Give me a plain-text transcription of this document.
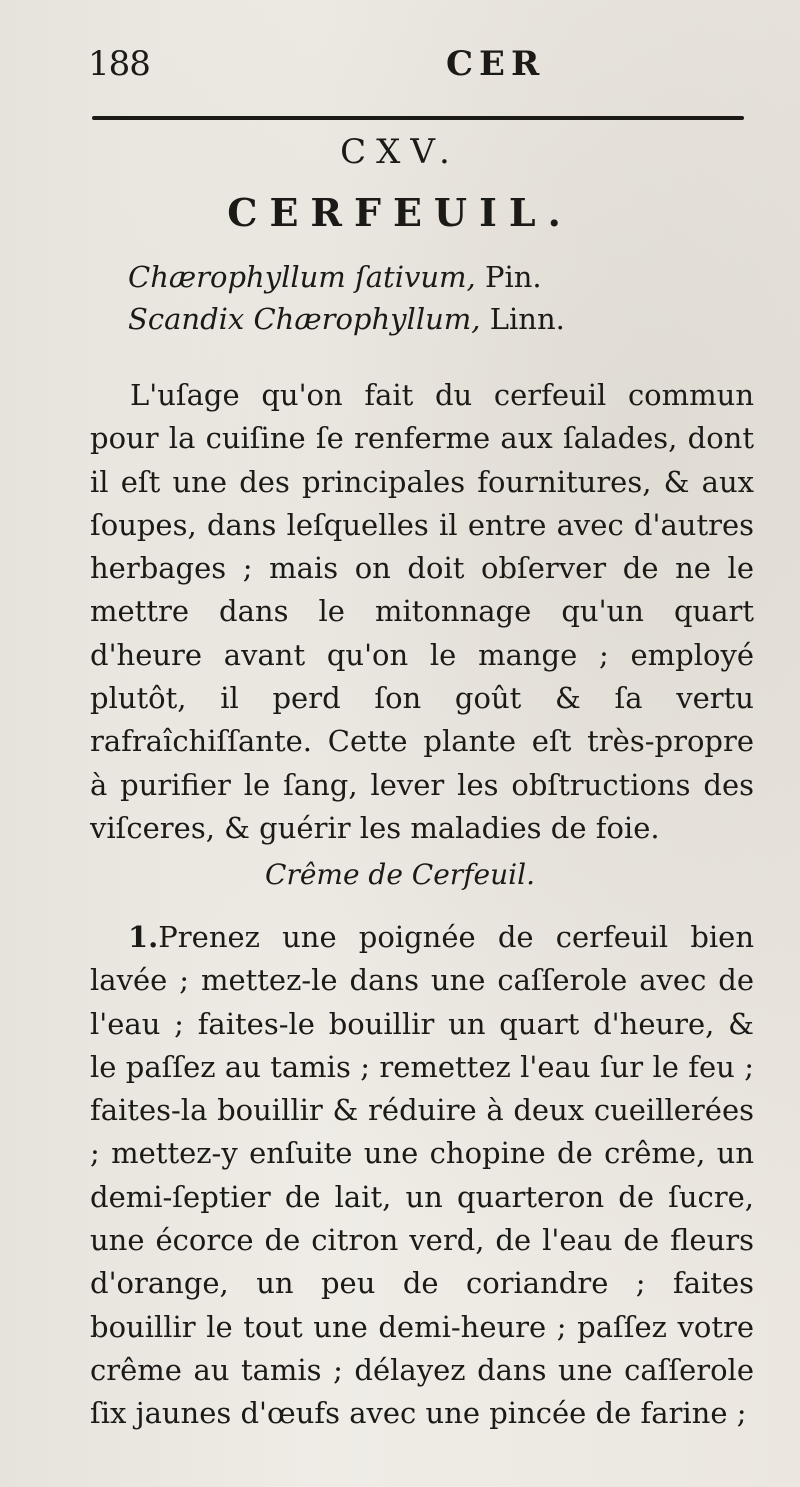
188	CER
CXV.
CERFEUIL.
Chærophyllum ſativum, Pin.
Scandix Chærophyllum, Linn.

L'uſage qu'on fait du cerfeuil commun pour la cuiſine ſe renferme aux ſalades, dont il eſt une des principales fournitures, & aux ſoupes, dans leſquelles il entre avec d'autres herbages ; mais on doit obſerver de ne le mettre dans le mitonnage qu'un quart d'heure avant qu'on le mange ; employé plutôt, il perd ſon goût & ſa vertu rafraîchiſſante. Cette plante eſt très-propre à purifier le ſang, lever les obſtructions des viſceres, & guérir les maladies de foie.

Crême de Cerfeuil.

1.Prenez une poignée de cerfeuil bien lavée ; mettez-le dans une caſſerole avec de l'eau ; faites-le bouillir un quart d'heure, & le paſſez au tamis ; remettez l'eau ſur le feu ; faites-la bouillir & réduire à deux cueillerées ; mettez-y enſuite une chopine de crême, un demi-ſeptier de lait, un quarteron de ſucre, une écorce de citron verd, de l'eau de fleurs d'orange, un peu de coriandre ; faites bouillir le tout une demi-heure ; paſſez votre crême au tamis ; délayez dans une caſſerole ſix jaunes d'œufs avec une pincée de farine ;
